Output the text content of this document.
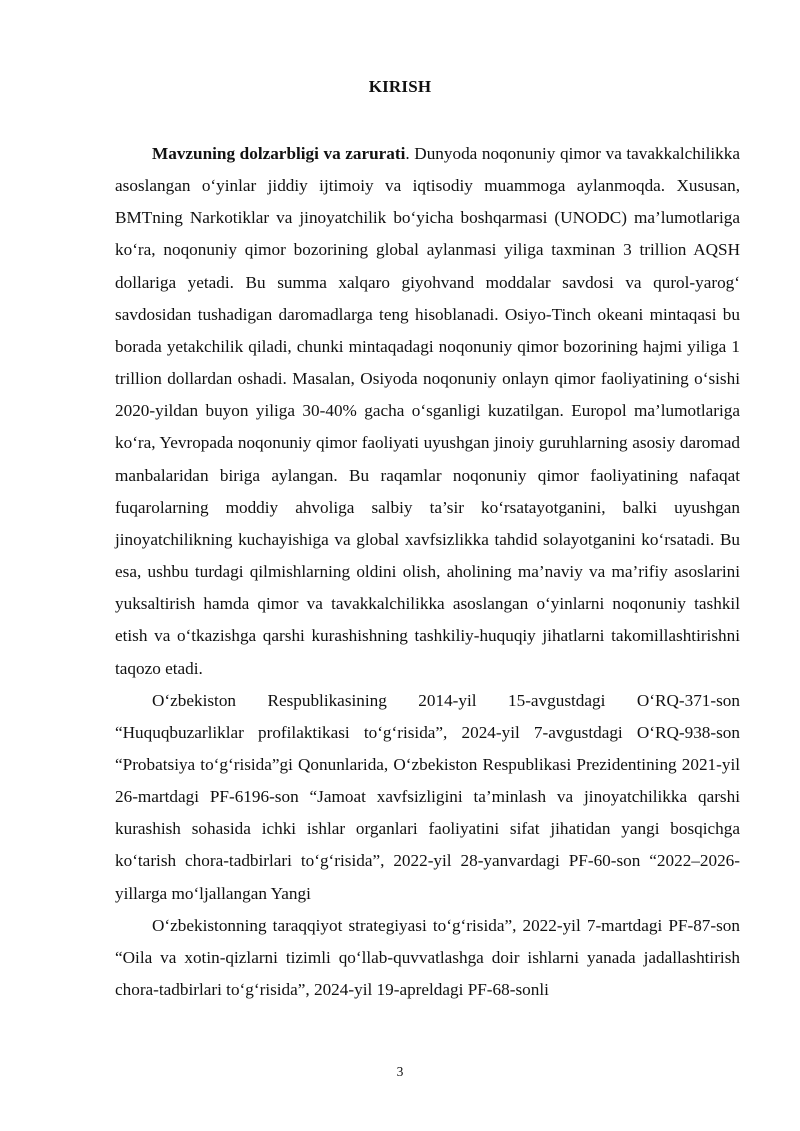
KIRISH

Mavzuning dolzarbligi va zarurati. Dunyoda noqonuniy qimor va tavakkalchilikka asoslangan o‘yinlar jiddiy ijtimoiy va iqtisodiy muammoga aylanmoqda. Xususan, BMTning Narkotiklar va jinoyatchilik bo‘yicha boshqarmasi (UNODC) ma’lumotlariga ko‘ra, noqonuniy qimor bozorining global aylanmasi yiliga taxminan 3 trillion AQSH dollariga yetadi. Bu summa xalqaro giyohvand moddalar savdosi va qurol-yarog‘ savdosidan tushadigan daromadlarga teng hisoblanadi. Osiyo-Tinch okeani mintaqasi bu borada yetakchilik qiladi, chunki mintaqadagi noqonuniy qimor bozorining hajmi yiliga 1 trillion dollardan oshadi. Masalan, Osiyoda noqonuniy onlayn qimor faoliyatining o‘sishi 2020-yildan buyon yiliga 30-40% gacha o‘sganligi kuzatilgan. Europol ma’lumotlariga ko‘ra, Yevropada noqonuniy qimor faoliyati uyushgan jinoiy guruhlarning asosiy daromad manbalaridan biriga aylangan. Bu raqamlar noqonuniy qimor faoliyatining nafaqat fuqarolarning moddiy ahvoliga salbiy ta’sir ko‘rsatayotganini, balki uyushgan jinoyatchilikning kuchayishiga va global xavfsizlikka tahdid solayotganini ko‘rsatadi. Bu esa, ushbu turdagi qilmishlarning oldini olish, aholining ma’naviy va ma’rifiy asoslarini yuksaltirish hamda qimor va tavakkalchilikka asoslangan o‘yinlarni noqonuniy tashkil etish va o‘tkazishga qarshi kurashishning tashkiliy-huquqiy jihatlarni takomillashtirishni taqozo etadi.

O‘zbekiston Respublikasining 2014-yil 15-avgustdagi O‘RQ-371-son “Huquqbuzarliklar profilaktikasi to‘g‘risida”, 2024-yil 7-avgustdagi O‘RQ-938-son “Probatsiya to‘g‘risida”gi Qonunlarida, O‘zbekiston Respublikasi Prezidentining 2021-yil 26-martdagi PF-6196-son “Jamoat xavfsizligini ta’minlash va jinoyatchilikka qarshi kurashish sohasida ichki ishlar organlari faoliyatini sifat jihatidan yangi bosqichga ko‘tarish chora-tadbirlari to‘g‘risida”, 2022-yil 28-yanvardagi PF-60-son “2022–2026-yillarga mo‘ljallangan Yangi

O‘zbekistonning taraqqiyot strategiyasi to‘g‘risida”, 2022-yil 7-martdagi PF-87-son “Oila va xotin-qizlarni tizimli qo‘llab-quvvatlashga doir ishlarni yanada jadallashtirish chora-tadbirlari to‘g‘risida”, 2024-yil 19-apreldagi PF-68-sonli

3
